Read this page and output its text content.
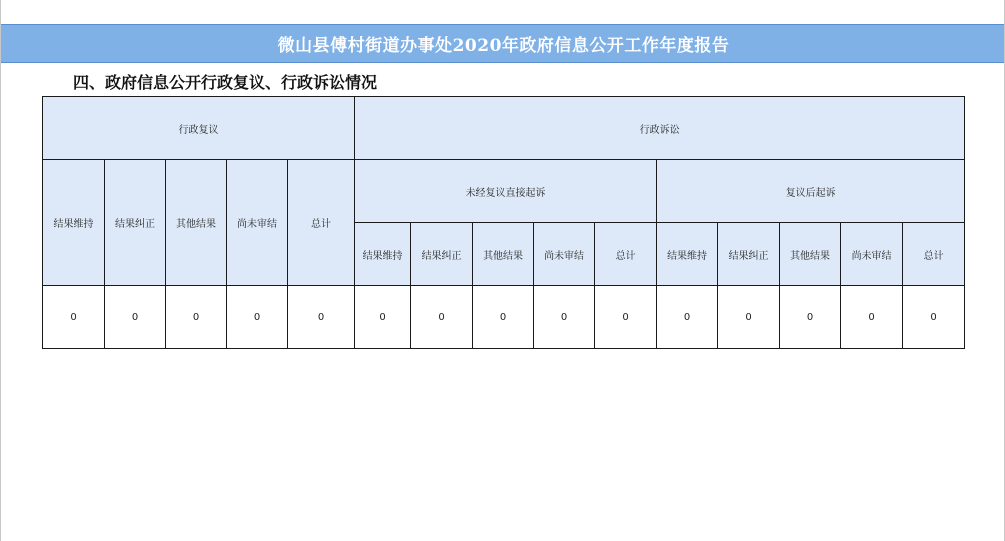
微山县傅村街道办事处2020年政府信息公开工作年度报告
四、政府信息公开行政复议、行政诉讼情况
行政复议					行政诉讼									
结果维持	结果纠正	其他结果	尚未审结	总计	未经复议直接起诉					复议后起诉				
					结果维持	结果纠正	其他结果	尚未审结	总计	结果维持	结果纠正	其他结果	尚未审结	总计
0	0	0	0	0	0	0	0	0	0	0	0	0	0	0
